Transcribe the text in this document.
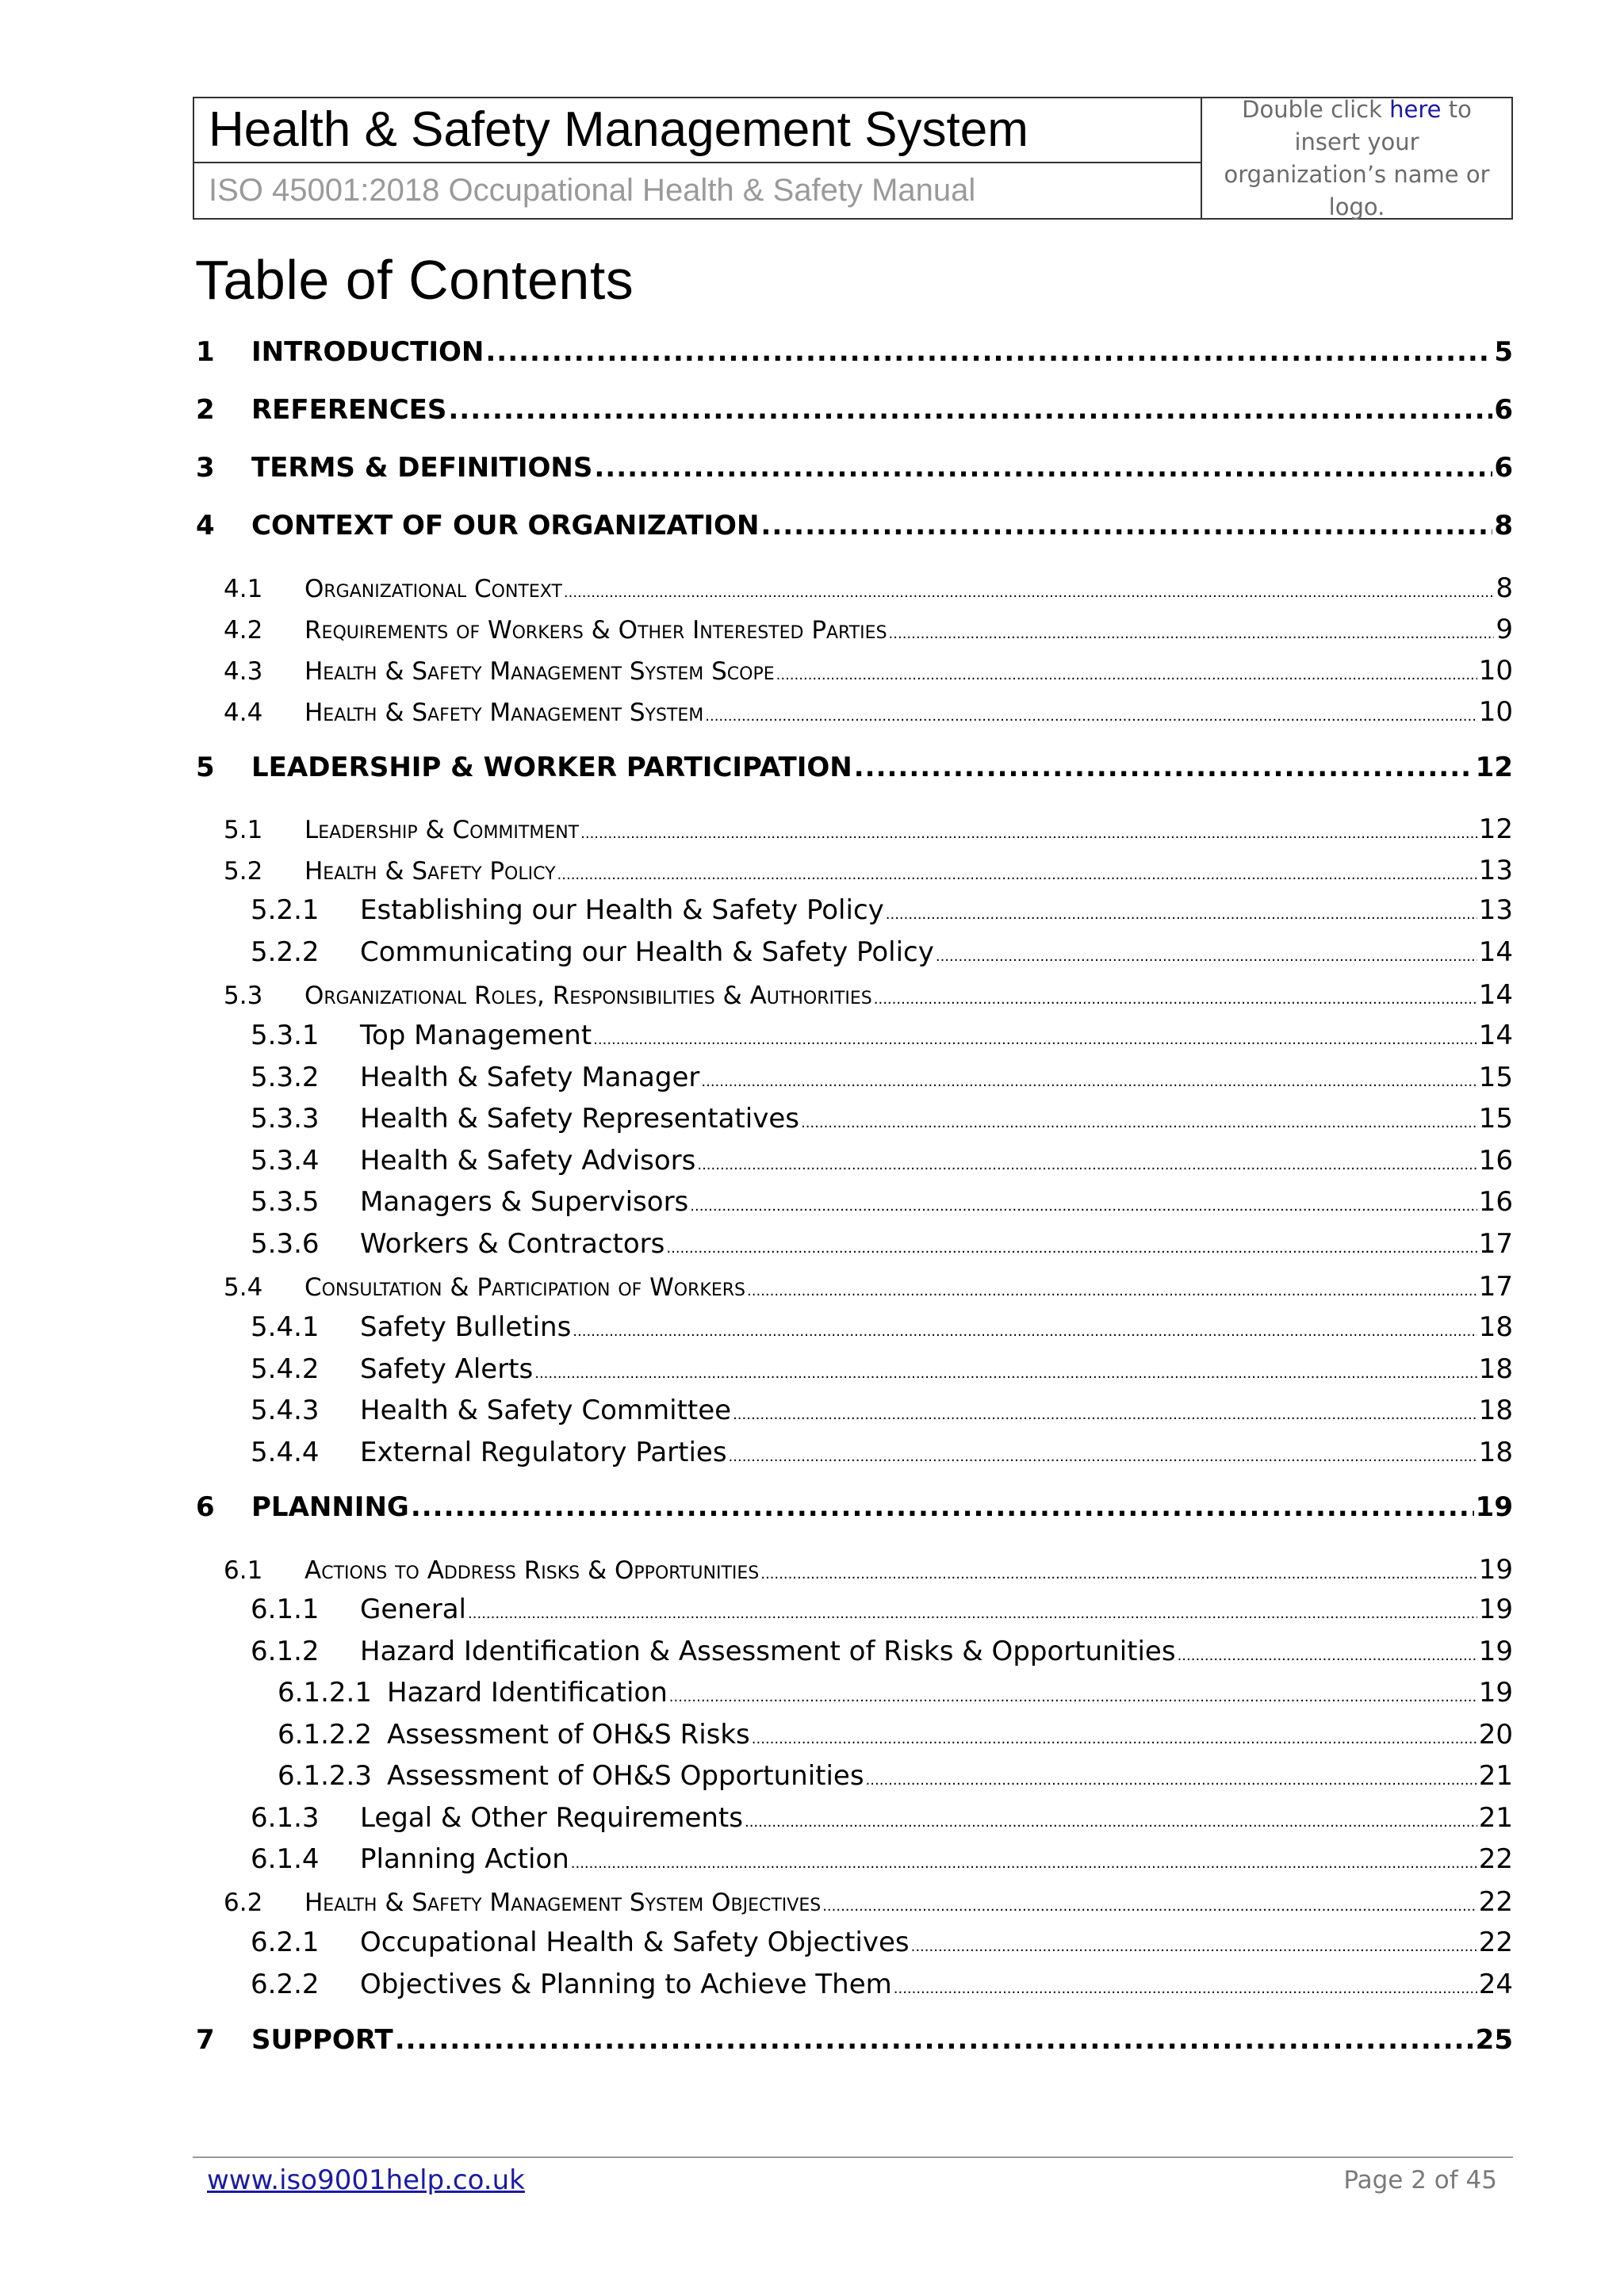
Health & Safety Management System
ISO 45001:2018 Occupational Health & Safety Manual
Double click here to insert your organization’s name or logo.
Table of Contents
1	INTRODUCTION .....	5
2	REFERENCES .....	6
3	TERMS & DEFINITIONS .....	6
4	CONTEXT OF OUR ORGANIZATION .....	8
4.1	Organizational Context .....	8
4.2	Requirements of Workers & Other Interested Parties .....	9
4.3	Health & Safety Management System Scope .....	10
4.4	Health & Safety Management System .....	10
5	LEADERSHIP & WORKER PARTICIPATION .....	12
5.1	Leadership & Commitment .....	12
5.2	Health & Safety Policy .....	13
5.2.1	Establishing our Health & Safety Policy .....	13
5.2.2	Communicating our Health & Safety Policy .....	14
5.3	Organizational Roles, Responsibilities & Authorities .....	14
5.3.1	Top Management .....	14
5.3.2	Health & Safety Manager .....	15
5.3.3	Health & Safety Representatives .....	15
5.3.4	Health & Safety Advisors .....	16
5.3.5	Managers & Supervisors .....	16
5.3.6	Workers & Contractors .....	17
5.4	Consultation & Participation of Workers .....	17
5.4.1	Safety Bulletins .....	18
5.4.2	Safety Alerts .....	18
5.4.3	Health & Safety Committee .....	18
5.4.4	External Regulatory Parties .....	18
6	PLANNING .....	19
6.1	Actions to Address Risks & Opportunities .....	19
6.1.1	General .....	19
6.1.2	Hazard Identification & Assessment of Risks & Opportunities .....	19
6.1.2.1 Hazard Identification .....	19
6.1.2.2 Assessment of OH&S Risks .....	20
6.1.2.3 Assessment of OH&S Opportunities .....	21
6.1.3	Legal & Other Requirements .....	21
6.1.4	Planning Action .....	22
6.2	Health & Safety Management System Objectives .....	22
6.2.1	Occupational Health & Safety Objectives .....	22
6.2.2	Objectives & Planning to Achieve Them .....	24
7	SUPPORT .....	25
www.iso9001help.co.uk	Page 2 of 45
